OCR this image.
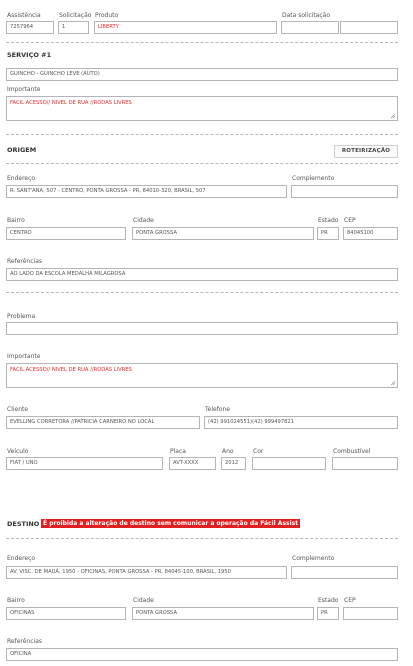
Assistência
7257964
Solicitação
1
Produto
LIBERTY
Data solicitação
SERVIÇO #1
GUINCHO - GUINCHO LEVE (AUTO)
Importante
FACIL ACESSO// NIVEL DE RUA //RODAS LIVRES
ORIGEM	ROTEIRIZAÇÃO
Endereço
R. SANT'ANA, 507 - CENTRO, PONTA GROSSA - PR, 84010-320, BRASIL, 507
Complemento
Bairro
CENTRO
Cidade
PONTA GROSSA
Estado
PR
CEP
84045100
Referências
AO LADO DA ESCOLA MEDALHA MILAGROSA
Problema
Importante
FACIL ACESSO// NIVEL DE RUA //RODAS LIVRES
Cliente
EVELLING CORRETORA //PATRICIA CARNEIRO NO LOCAL
Telefone
(42) 991024551)(42) 999497821
Veículo
FIAT / UNO
Placa
AVT-XXXX
Ano
2012
Cor	Combustível
DESTINO É proibida a alteração de destino sem comunicar a operação da Fácil Assist
Endereço
AV. VISC. DE MAUÁ, 1950 - OFICINAS, PONTA GROSSA - PR, 84045-100, BRASIL, 1950
Complemento
Bairro
OFICINAS
Cidade
PONTA GROSSA
Estado
PR
CEP
Referências
OFICINA
